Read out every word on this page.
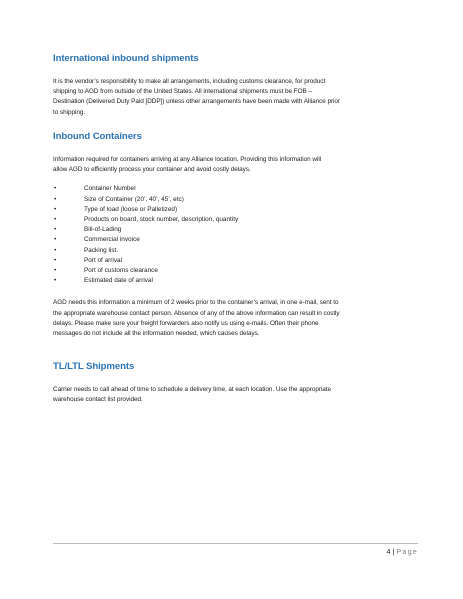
International inbound shipments
It is the vendor’s responsibility to make all arrangements, including customs clearance, for product
shipping to AGD from outside of the United States. All international shipments must be FOB –
Destination (Delivered Duty Paid [DDP]) unless other arrangements have been made with Alliance prior
to shipping.
Inbound Containers
Information required for containers arriving at any Alliance location. Providing this information will
allow AGD to efficiently process your container and avoid costly delays.
•	Container Number
•	Size of Container (20’, 40’, 45’, etc)
•	Type of load (loose or Palletized)
•	Products on board, stock number, description, quantity
•	Bill-of-Lading
•	Commercial invoice
•	Packing list.
•	Port of arrival
•	Port of customs clearance
•	Estimated date of arrival
AGD needs this information a minimum of 2 weeks prior to the container’s arrival, in one e-mail, sent to
the appropriate warehouse contact person. Absence of any of the above information can result in costly
delays. Please make sure your freight forwarders also notify us using e-mails. Often their phone
messages do not include all the information needed, which causes delays.
TL/LTL Shipments
Carrier needs to call ahead of time to schedule a delivery time, at each location. Use the appropriate
warehouse contact list provided.
4 | Page
